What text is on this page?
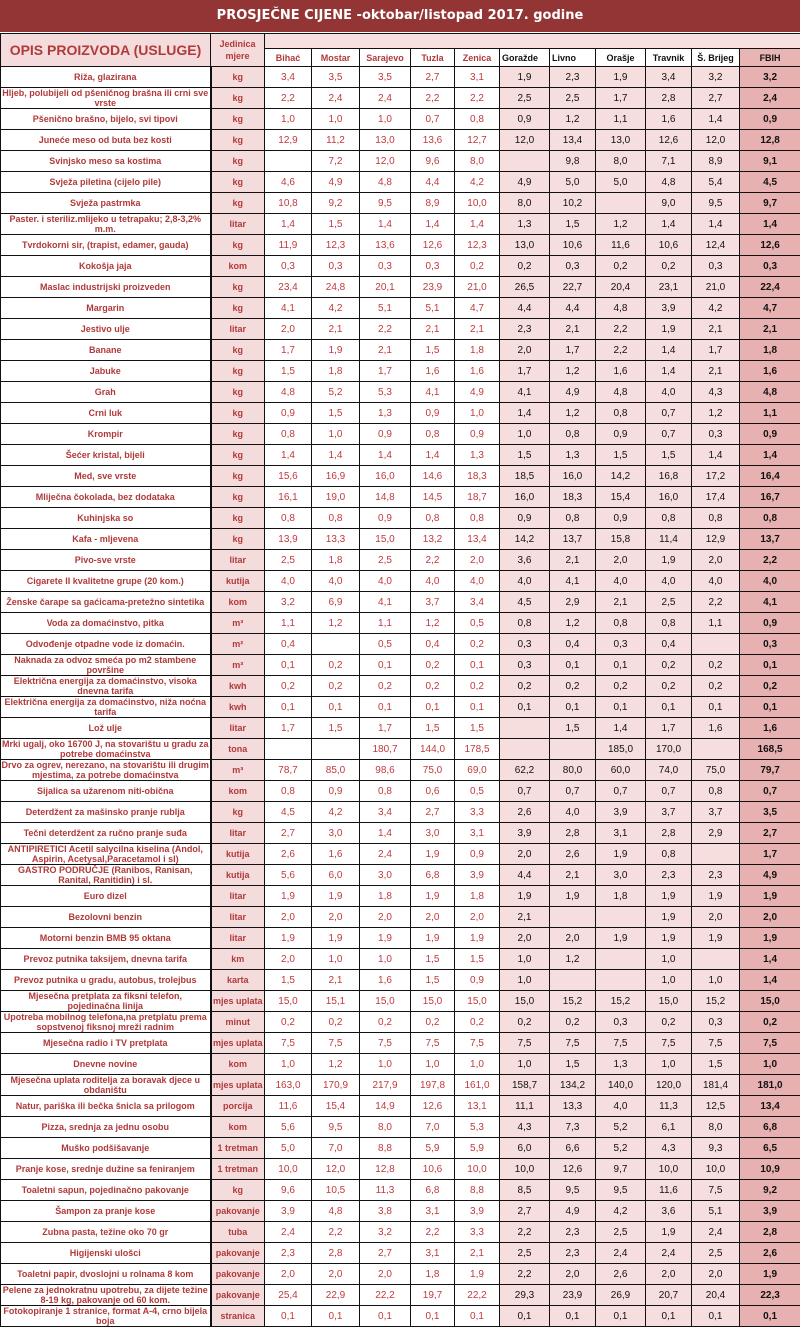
PROSJEČNE CIJENE -oktobar/listopad 2017. godine
OPIS PROIZVODA (USLUGE)	Jedinica mjere											
		Bihać	Mostar	Sarajevo	Tuzla	Zenica	Goražde	Livno	Orašje	Travnik	Š. Brijeg	FBIH
Riža, glazirana	kg	3,4	3,5	3,5	2,7	3,1	1,9	2,3	1,9	3,4	3,2	3,2
Hljeb, polubijeli od pšeničnog brašna ili crni sve vrste	kg	2,2	2,4	2,4	2,2	2,2	2,5	2,5	1,7	2,8	2,7	2,4
Pšenično brašno, bijelo, svi tipovi	kg	1,0	1,0	1,0	0,7	0,8	0,9	1,2	1,1	1,6	1,4	0,9
Juneće meso od buta bez kosti	kg	12,9	11,2	13,0	13,6	12,7	12,0	13,4	13,0	12,6	12,0	12,8
Svinjsko meso sa kostima	kg		7,2	12,0	9,6	8,0		9,8	8,0	7,1	8,9	9,1
Svježa piletina (cijelo pile)	kg	4,6	4,9	4,8	4,4	4,2	4,9	5,0	5,0	4,8	5,4	4,5
Svježa pastrmka	kg	10,8	9,2	9,5	8,9	10,0	8,0	10,2		9,0	9,5	9,7
Paster. i steriliz.mlijeko u tetrapaku; 2,8-3,2% m.m.	litar	1,4	1,5	1,4	1,4	1,4	1,3	1,5	1,2	1,4	1,4	1,4
Tvrdokorni sir, (trapist, edamer, gauda)	kg	11,9	12,3	13,6	12,6	12,3	13,0	10,6	11,6	10,6	12,4	12,6
Kokošja jaja	kom	0,3	0,3	0,3	0,3	0,2	0,2	0,3	0,2	0,2	0,3	0,3
Maslac industrijski proizveden	kg	23,4	24,8	20,1	23,9	21,0	26,5	22,7	20,4	23,1	21,0	22,4
Margarin	kg	4,1	4,2	5,1	5,1	4,7	4,4	4,4	4,8	3,9	4,2	4,7
Jestivo ulje	litar	2,0	2,1	2,2	2,1	2,1	2,3	2,1	2,2	1,9	2,1	2,1
Banane	kg	1,7	1,9	2,1	1,5	1,8	2,0	1,7	2,2	1,4	1,7	1,8
Jabuke	kg	1,5	1,8	1,7	1,6	1,6	1,7	1,2	1,6	1,4	2,1	1,6
Grah	kg	4,8	5,2	5,3	4,1	4,9	4,1	4,9	4,8	4,0	4,3	4,8
Crni luk	kg	0,9	1,5	1,3	0,9	1,0	1,4	1,2	0,8	0,7	1,2	1,1
Krompir	kg	0,8	1,0	0,9	0,8	0,9	1,0	0,8	0,9	0,7	0,3	0,9
Šećer kristal, bijeli	kg	1,4	1,4	1,4	1,4	1,3	1,5	1,3	1,5	1,5	1,4	1,4
Med, sve vrste	kg	15,6	16,9	16,0	14,6	18,3	18,5	16,0	14,2	16,8	17,2	16,4
Mliječna čokolada, bez dodataka	kg	16,1	19,0	14,8	14,5	18,7	16,0	18,3	15,4	16,0	17,4	16,7
Kuhinjska so	kg	0,8	0,8	0,9	0,8	0,8	0,9	0,8	0,9	0,8	0,8	0,8
Kafa - mljevena	kg	13,9	13,3	15,0	13,2	13,4	14,2	13,7	15,8	11,4	12,9	13,7
Pivo-sve vrste	litar	2,5	1,8	2,5	2,2	2,0	3,6	2,1	2,0	1,9	2,0	2,2
Cigarete II kvalitetne grupe (20 kom.)	kutija	4,0	4,0	4,0	4,0	4,0	4,0	4,1	4,0	4,0	4,0	4,0
Ženske čarape sa gaćicama-pretežno sintetika	kom	3,2	6,9	4,1	3,7	3,4	4,5	2,9	2,1	2,5	2,2	4,1
Voda za domaćinstvo, pitka	m³	1,1	1,2	1,1	1,2	0,5	0,8	1,2	0,8	0,8	1,1	0,9
Odvođenje otpadne vode iz domaćin.	m²	0,4		0,5	0,4	0,2	0,3	0,4	0,3	0,4		0,3
Naknada za odvoz smeća po m2 stambene površine	m³	0,1	0,2	0,1	0,2	0,1	0,3	0,1	0,1	0,2	0,2	0,1
Električna energija za domaćinstvo, visoka dnevna tarifa	kwh	0,2	0,2	0,2	0,2	0,2	0,2	0,2	0,2	0,2	0,2	0,2
Električna energija za domaćinstvo, niža noćna tarifa	kwh	0,1	0,1	0,1	0,1	0,1	0,1	0,1	0,1	0,1	0,1	0,1
Lož ulje	litar	1,7	1,5	1,7	1,5	1,5		1,5	1,4	1,7	1,6	1,6
Mrki ugalj, oko 16700 J, na stovarištu u gradu za potrebe domaćinstva	tona			180,7	144,0	178,5			185,0	170,0		168,5
Drvo za ogrev, nerezano, na stovarištu ili drugim mjestima, za potrebe domaćinstva	m³	78,7	85,0	98,6	75,0	69,0	62,2	80,0	60,0	74,0	75,0	79,7
Sijalica sa užarenom niti-obična	kom	0,8	0,9	0,8	0,6	0,5	0,7	0,7	0,7	0,7	0,8	0,7
Deterdžent za mašinsko pranje rublja	kg	4,5	4,2	3,4	2,7	3,3	2,6	4,0	3,9	3,7	3,7	3,5
Tečni deterdžent za ručno pranje suđa	litar	2,7	3,0	1,4	3,0	3,1	3,9	2,8	3,1	2,8	2,9	2,7
ANTIPIRETICI Acetil salycilna kiselina (Andol, Aspirin, Acetysal,Paracetamol i sl)	kutija	2,6	1,6	2,4	1,9	0,9	2,0	2,6	1,9	0,8		1,7
GASTRO PODRUČJE (Ranibos, Ranisan, Ranital, Ranitidin) i sl.	kutija	5,6	6,0	3,0	6,8	3,9	4,4	2,1	3,0	2,3	2,3	4,9
Euro dizel	litar	1,9	1,9	1,8	1,9	1,8	1,9	1,9	1,8	1,9	1,9	1,9
Bezolovni benzin	litar	2,0	2,0	2,0	2,0	2,0	2,1			1,9	2,0	2,0
Motorni benzin BMB 95 oktana	litar	1,9	1,9	1,9	1,9	1,9	2,0	2,0	1,9	1,9	1,9	1,9
Prevoz putnika taksijem, dnevna tarifa	km	2,0	1,0	1,0	1,5	1,5	1,0	1,2		1,0		1,4
Prevoz putnika u gradu, autobus, trolejbus	karta	1,5	2,1	1,6	1,5	0,9	1,0			1,0	1,0	1,4
Mjesečna pretplata za fiksni telefon, pojedinačna linija	mjes uplata	15,0	15,1	15,0	15,0	15,0	15,0	15,2	15,2	15,0	15,2	15,0
Upotreba mobilnog telefona,na pretplatu prema sopstvenoj fiksnoj mreži radnim	minut	0,2	0,2	0,2	0,2	0,2	0,2	0,2	0,3	0,2	0,3	0,2
Mjesečna radio i TV pretplata	mjes uplata	7,5	7,5	7,5	7,5	7,5	7,5	7,5	7,5	7,5	7,5	7,5
Dnevne novine	kom	1,0	1,2	1,0	1,0	1,0	1,0	1,5	1,3	1,0	1,5	1,0
Mjesečna uplata roditelja za boravak djece u obdaništu	mjes uplata	163,0	170,9	217,9	197,8	161,0	158,7	134,2	140,0	120,0	181,4	181,0
Natur, pariška ili bečka šnicla sa prilogom	porcija	11,6	15,4	14,9	12,6	13,1	11,1	13,3	4,0	11,3	12,5	13,4
Pizza, srednja za jednu osobu	kom	5,6	9,5	8,0	7,0	5,3	4,3	7,3	5,2	6,1	8,0	6,8
Muško podšišavanje	1 tretman	5,0	7,0	8,8	5,9	5,9	6,0	6,6	5,2	4,3	9,3	6,5
Pranje kose, srednje dužine sa feniranjem	1 tretman	10,0	12,0	12,8	10,6	10,0	10,0	12,6	9,7	10,0	10,0	10,9
Toaletni sapun, pojedinačno pakovanje	kg	9,6	10,5	11,3	6,8	8,8	8,5	9,5	9,5	11,6	7,5	9,2
Šampon za pranje kose	pakovanje	3,9	4,8	3,8	3,1	3,9	2,7	4,9	4,2	3,6	5,1	3,9
Zubna pasta, težine oko 70 gr	tuba	2,4	2,2	3,2	2,2	3,3	2,2	2,3	2,5	1,9	2,4	2,8
Higijenski ulošci	pakovanje	2,3	2,8	2,7	3,1	2,1	2,5	2,3	2,4	2,4	2,5	2,6
Toaletni papir, dvoslojni u rolnama 8 kom	pakovanje	2,0	2,0	2,0	1,8	1,9	2,2	2,0	2,6	2,0	2,0	1,9
Pelene za jednokratnu upotrebu, za dijete težine 8-19 kg, pakovanje od 60 kom.	pakovanje	25,4	22,9	22,2	19,7	22,2	29,3	23,9	26,9	20,7	20,4	22,3
Fotokopiranje 1 stranice, format A-4, crno bijela boja	stranica	0,1	0,1	0,1	0,1	0,1	0,1	0,1	0,1	0,1	0,1	0,1
